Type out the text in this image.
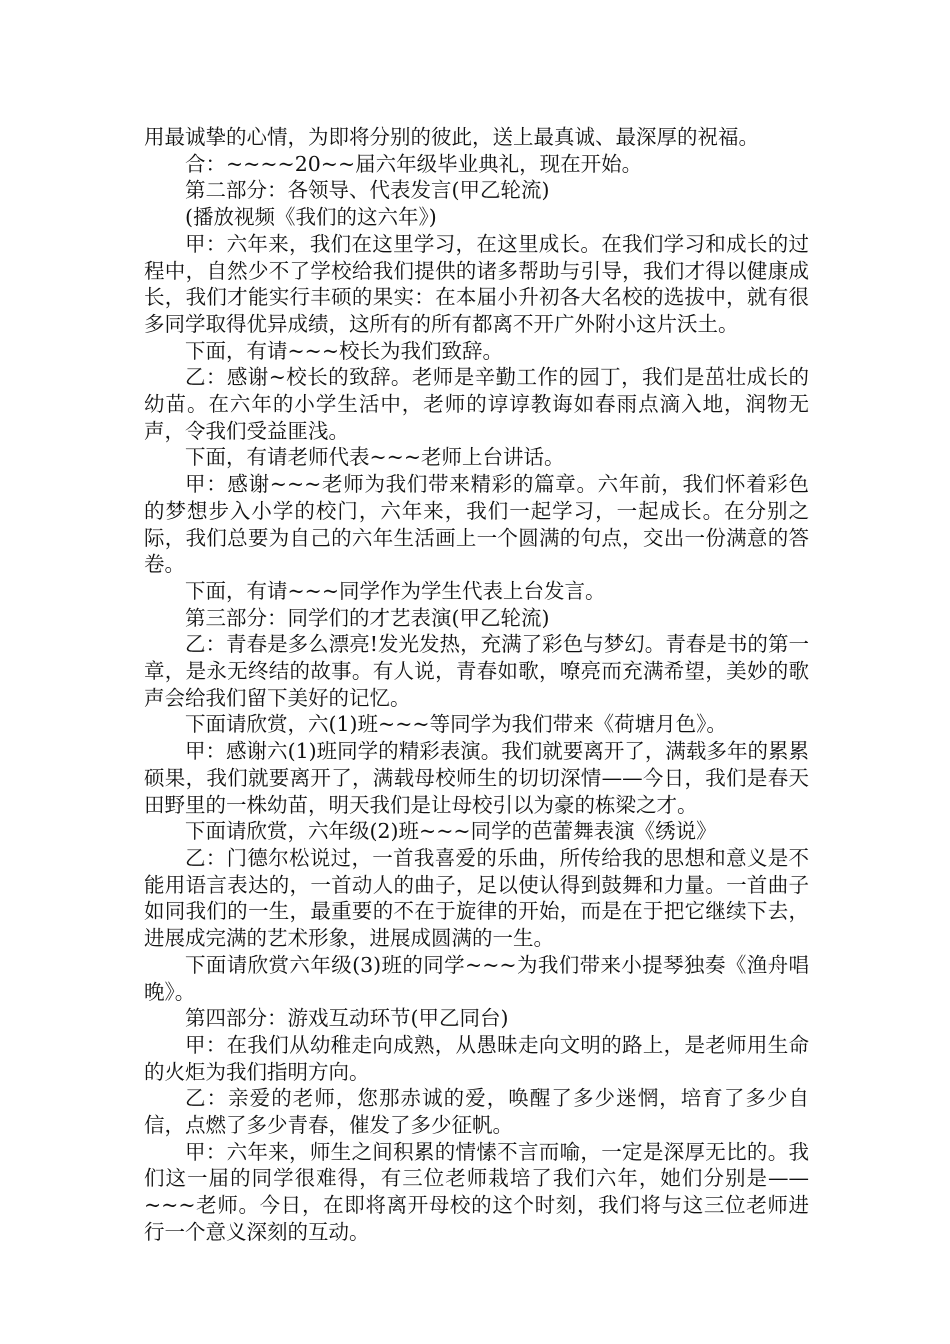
用最诚挚的心情，为即将分别的彼此，送上最真诚、最深厚的祝福。

合：~~~~20~~届六年级毕业典礼，现在开始。

第二部分：各领导、代表发言(甲乙轮流)

(播放视频《我们的这六年》)

甲：六年来，我们在这里学习，在这里成长。在我们学习和成长的过程中，自然少不了学校给我们提供的诸多帮助与引导，我们才得以健康成长，我们才能实行丰硕的果实：在本届小升初各大名校的选拔中，就有很多同学取得优异成绩，这所有的所有都离不开广外附小这片沃土。

下面，有请~~~校长为我们致辞。

乙：感谢~校长的致辞。老师是辛勤工作的园丁，我们是茁壮成长的幼苗。在六年的小学生活中，老师的谆谆教诲如春雨点滴入地，润物无声，令我们受益匪浅。

下面，有请老师代表~~~老师上台讲话。

甲：感谢~~~老师为我们带来精彩的篇章。六年前，我们怀着彩色的梦想步入小学的校门，六年来，我们一起学习，一起成长。在分别之际，我们总要为自己的六年生活画上一个圆满的句点，交出一份满意的答卷。

下面，有请~~~同学作为学生代表上台发言。

第三部分：同学们的才艺表演(甲乙轮流)

乙：青春是多么漂亮!发光发热，充满了彩色与梦幻。青春是书的第一章，是永无终结的故事。有人说，青春如歌，嘹亮而充满希望，美妙的歌声会给我们留下美好的记忆。

下面请欣赏，六(1)班~~~等同学为我们带来《荷塘月色》。

甲：感谢六(1)班同学的精彩表演。我们就要离开了，满载多年的累累硕果，我们就要离开了，满载母校师生的切切深情——今日，我们是春天田野里的一株幼苗，明天我们是让母校引以为豪的栋梁之才。

下面请欣赏，六年级(2)班~~~同学的芭蕾舞表演《绣说》

乙：门德尔松说过，一首我喜爱的乐曲，所传给我的思想和意义是不能用语言表达的，一首动人的曲子，足以使认得到鼓舞和力量。一首曲子如同我们的一生，最重要的不在于旋律的开始，而是在于把它继续下去，进展成完满的艺术形象，进展成圆满的一生。

下面请欣赏六年级(3)班的同学~~~为我们带来小提琴独奏《渔舟唱晚》。

第四部分：游戏互动环节(甲乙同台)

甲：在我们从幼稚走向成熟，从愚昧走向文明的路上，是老师用生命的火炬为我们指明方向。

乙：亲爱的老师，您那赤诚的爱，唤醒了多少迷惘，培育了多少自信，点燃了多少青春，催发了多少征帆。

甲：六年来，师生之间积累的情愫不言而喻，一定是深厚无比的。我们这一届的同学很难得，有三位老师栽培了我们六年，她们分别是——~~~老师。今日，在即将离开母校的这个时刻，我们将与这三位老师进行一个意义深刻的互动。
